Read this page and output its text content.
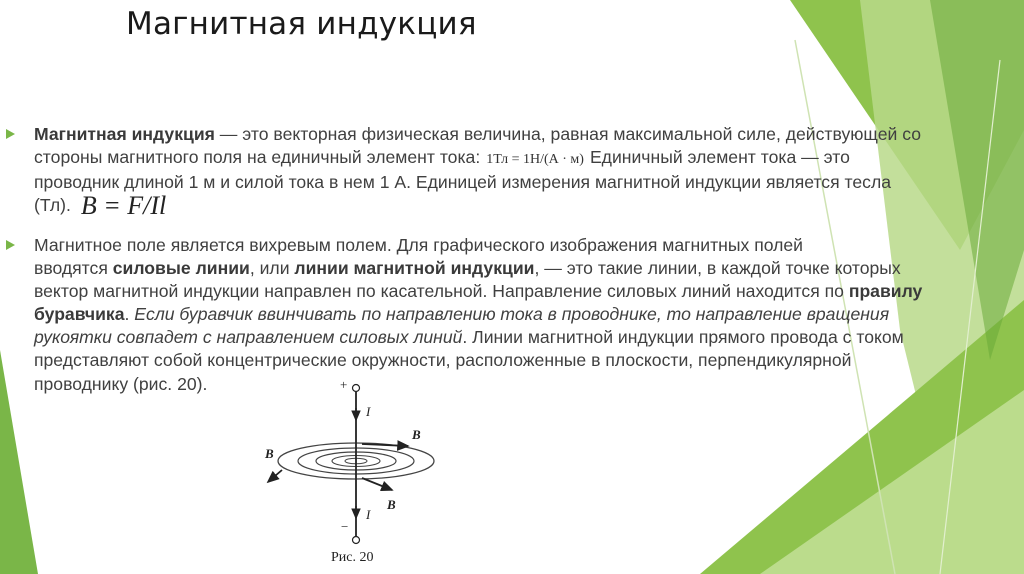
Магнитная индукция
Магнитная индукция — это векторная физическая величина, равная максимальной силе, действующей со
стороны магнитного поля на единичный элемент тока: 1Тл = 1Н/(А · м) Единичный элемент тока — это
проводник длиной 1 м и силой тока в нем 1 А. Единицей измерения магнитной индукции является тесла
(Тл). B = F/Il
Магнитное поле является вихревым полем. Для графического изображения магнитных полей
вводятся силовые линии, или линии магнитной индукции, — это такие линии, в каждой точке которых
вектор магнитной индукции направлен по касательной. Направление силовых линий находится по правилу
буравчика. Если буравчик ввинчивать по направлению тока в проводнике, то направление вращения
рукоятки совпадет с направлением силовых линий. Линии магнитной индукции прямого провода с током
представляют собой концентрические окружности, расположенные в плоскости, перпендикулярной
проводнику (рис. 20).	+
−
I
I
B
B
B
Рис. 20
